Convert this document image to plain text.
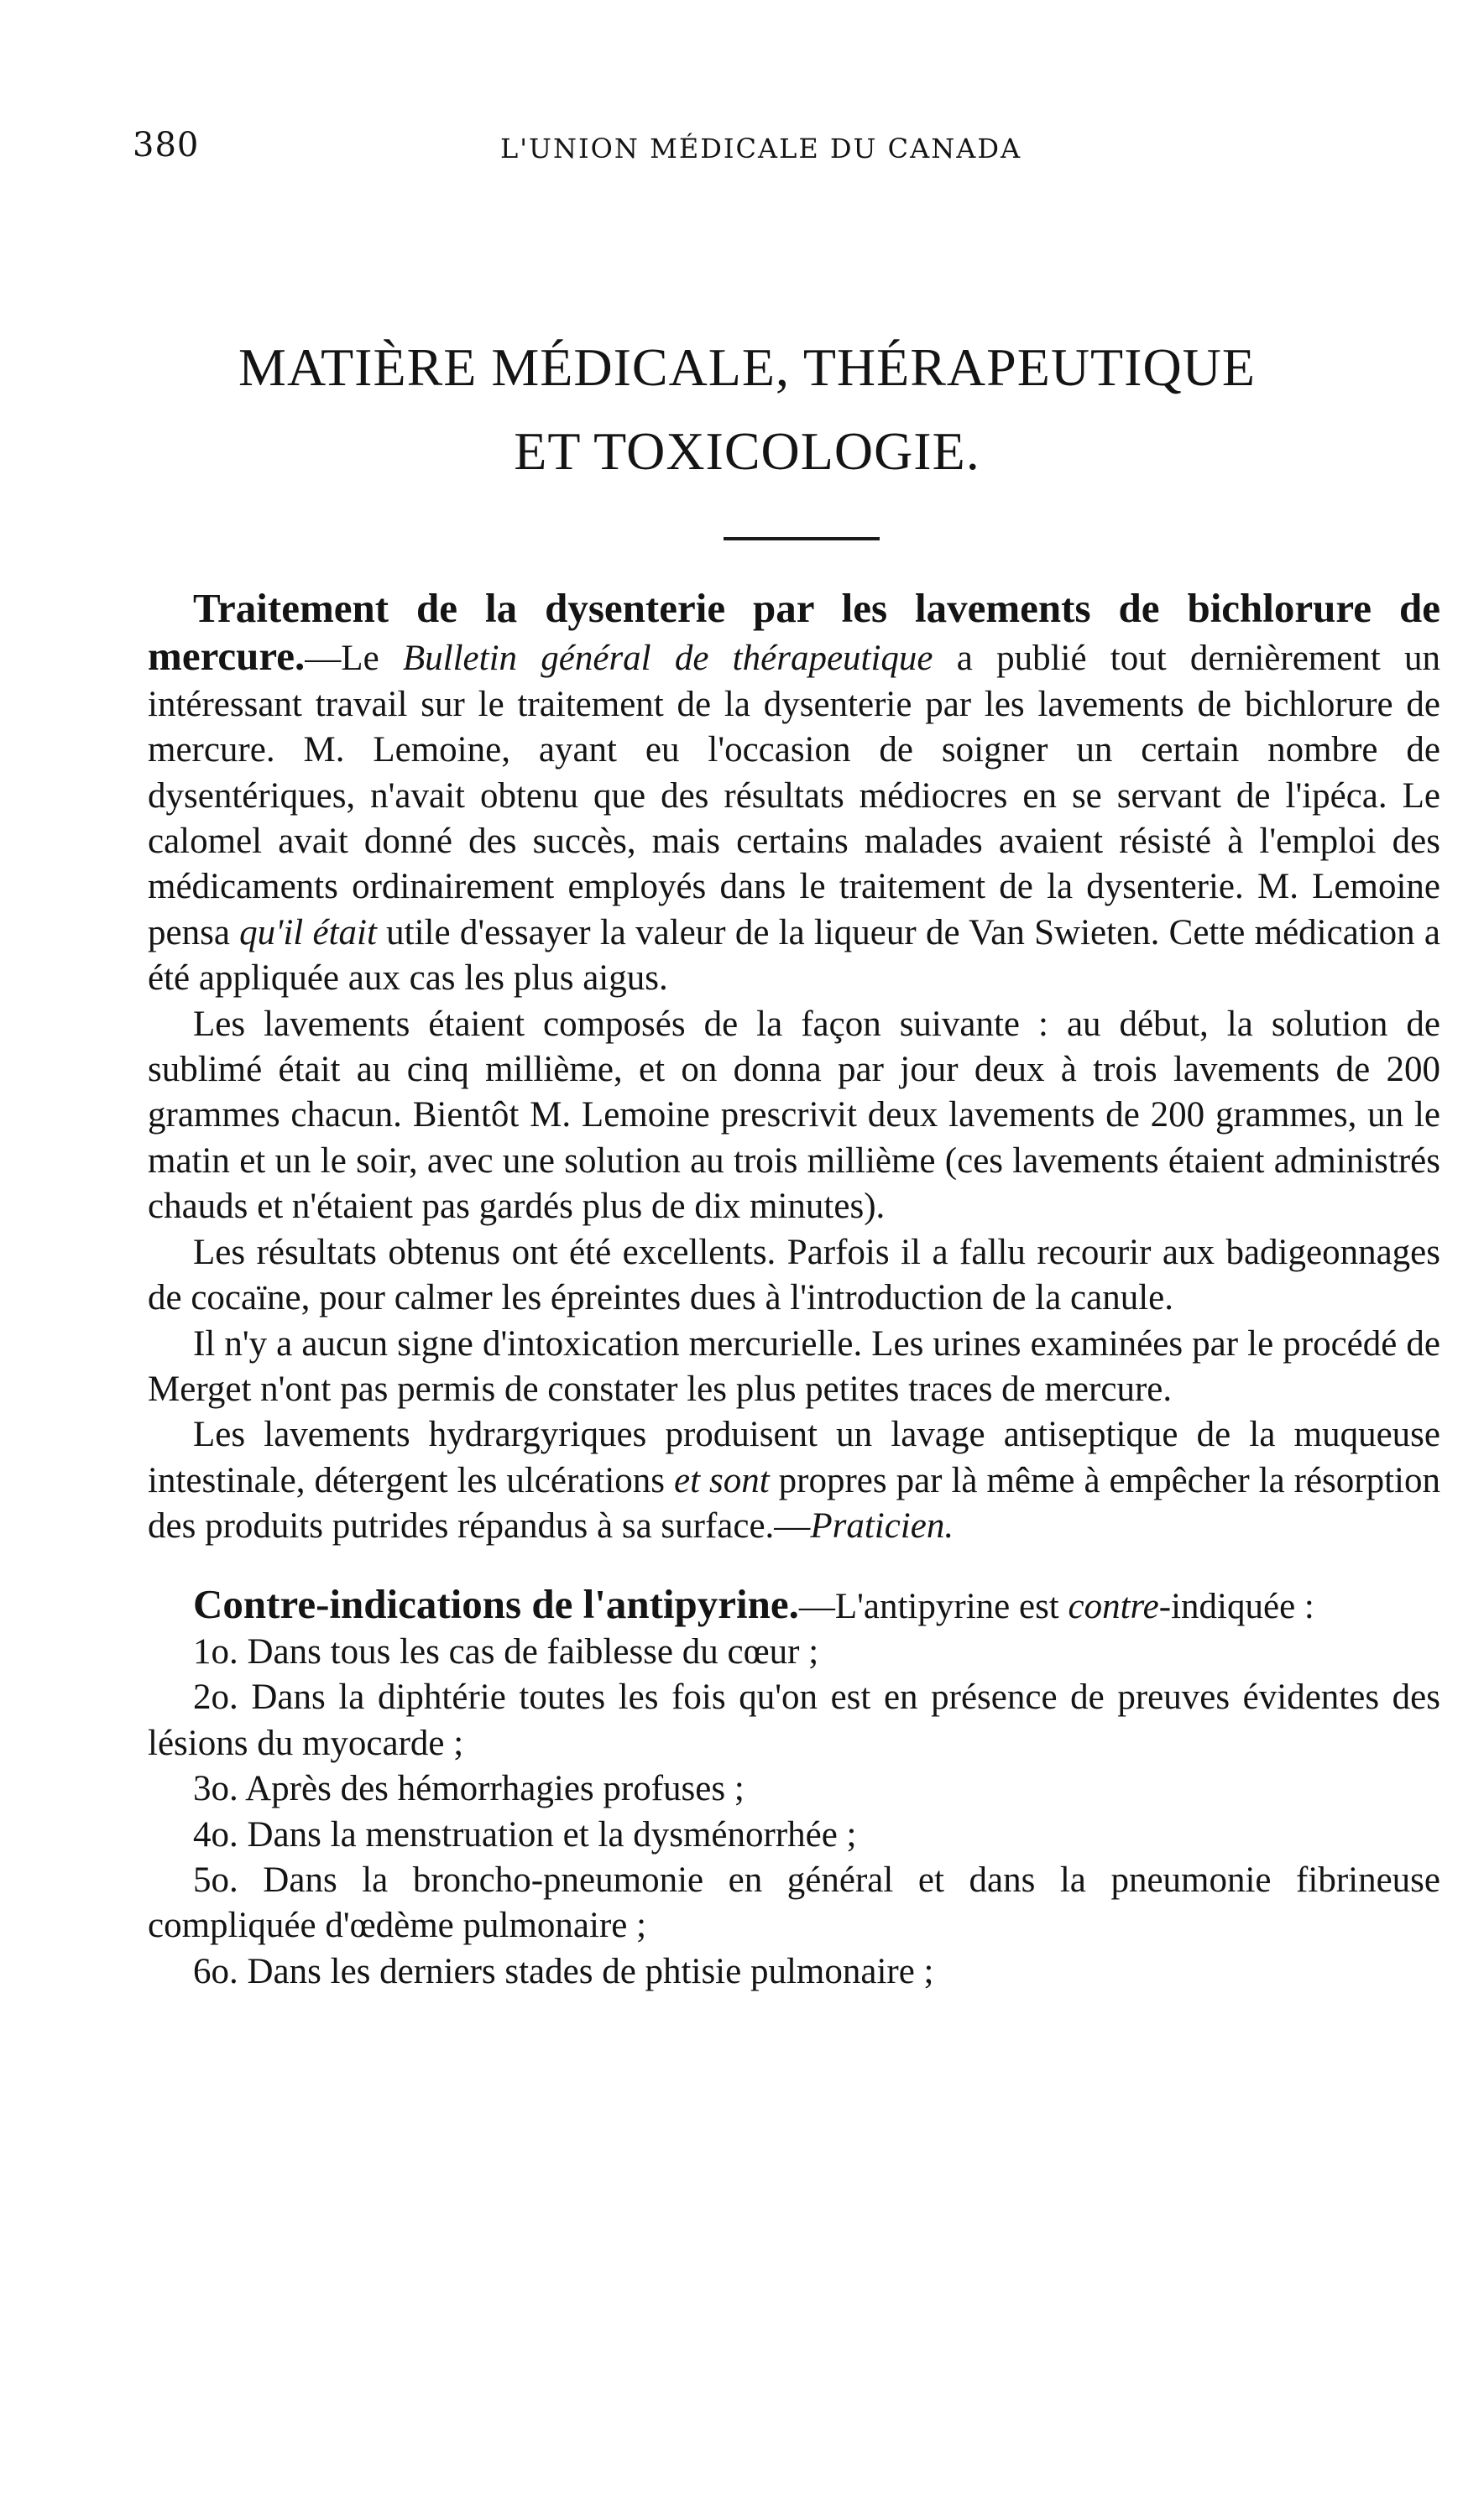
380	L'UNION MÉDICALE DU CANADA
MATIÈRE MÉDICALE, THÉRAPEUTIQUE
ET TOXICOLOGIE.

Traitement de la dysenterie par les lavements de bichlorure de mercure.—Le Bulletin général de thérapeutique a publié tout dernièrement un intéressant travail sur le traitement de la dysenterie par les lavements de bichlorure de mercure. M. Lemoine, ayant eu l'occasion de soigner un certain nombre de dysentériques, n'avait obtenu que des résultats médiocres en se servant de l'ipéca. Le calomel avait donné des succès, mais certains malades avaient résisté à l'emploi des médicaments ordinairement employés dans le traitement de la dysenterie. M. Lemoine pensa qu'il était utile d'essayer la valeur de la liqueur de Van Swieten. Cette médication a été appliquée aux cas les plus aigus.

Les lavements étaient composés de la façon suivante : au début, la solution de sublimé était au cinq millième, et on donna par jour deux à trois lavements de 200 grammes chacun. Bientôt M. Lemoine prescrivit deux lavements de 200 grammes, un le matin et un le soir, avec une solution au trois millième (ces lavements étaient administrés chauds et n'étaient pas gardés plus de dix minutes).

Les résultats obtenus ont été excellents. Parfois il a fallu recourir aux badigeonnages de cocaïne, pour calmer les épreintes dues à l'introduction de la canule.

Il n'y a aucun signe d'intoxication mercurielle. Les urines examinées par le procédé de Merget n'ont pas permis de constater les plus petites traces de mercure.

Les lavements hydrargyriques produisent un lavage antiseptique de la muqueuse intestinale, détergent les ulcérations et sont propres par là même à empêcher la résorption des produits putrides répandus à sa surface.—Praticien.

Contre-indications de l'antipyrine.—L'antipyrine est contre-indiquée :

1o. Dans tous les cas de faiblesse du cœur ;

2o. Dans la diphtérie toutes les fois qu'on est en présence de preuves évidentes des lésions du myocarde ;

3o. Après des hémorrhagies profuses ;

4o. Dans la menstruation et la dysménorrhée ;

5o. Dans la broncho-pneumonie en général et dans la pneumonie fibrineuse compliquée d'œdème pulmonaire ;

6o. Dans les derniers stades de phtisie pulmonaire ;
